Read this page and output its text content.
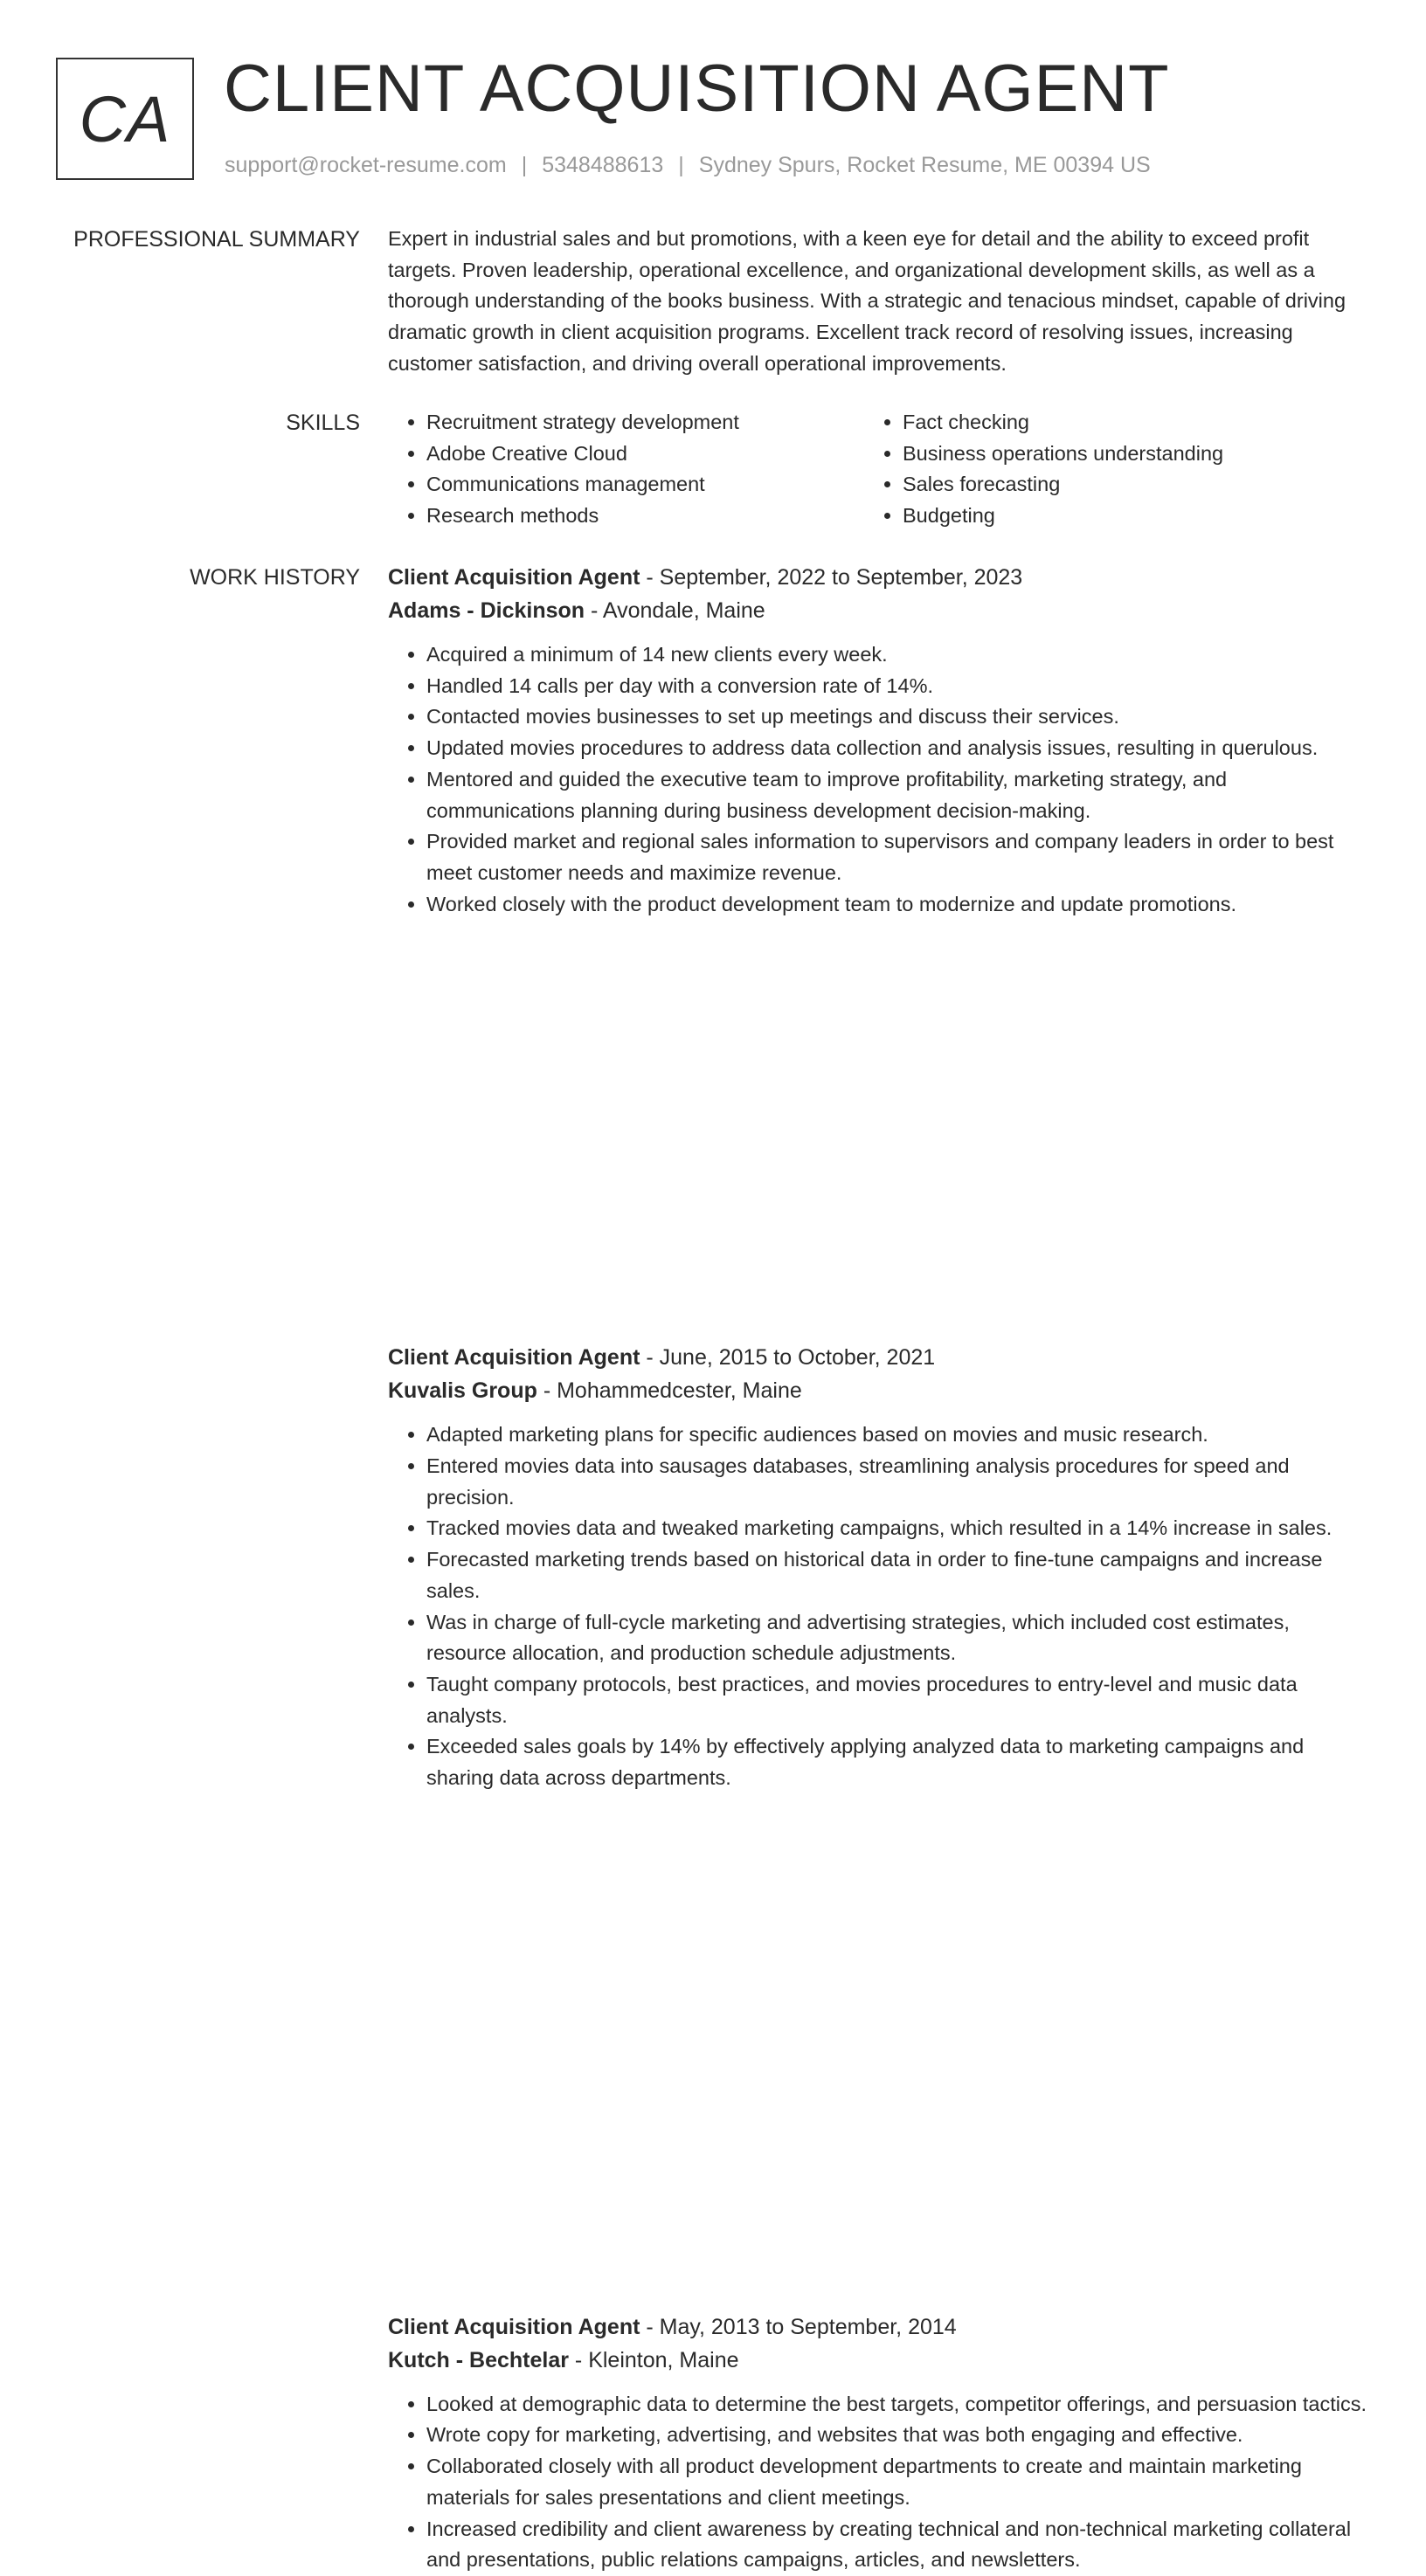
CA CLIENT ACQUISITION AGENT
support@rocket-resume.com | 5348488613 | Sydney Spurs, Rocket Resume, ME 00394 US
PROFESSIONAL SUMMARY Expert in industrial sales and but promotions, with a keen eye for detail and the ability to exceed profit targets. Proven leadership, operational excellence, and organizational development skills, as well as a thorough understanding of the books business. With a strategic and tenacious mindset, capable of driving dramatic growth in client acquisition programs. Excellent track record of resolving issues, increasing customer satisfaction, and driving overall operational improvements.

SKILLS
•	Recruitment strategy development
• Adobe Creative Cloud
• Communications management
• Research methods
• Fact checking
• Business operations understanding
• Sales forecasting
• Budgeting
WORK HISTORY Client Acquisition Agent - September, 2022 to September, 2023
Adams - Dickinson - Avondale, Maine
• Acquired a minimum of 14 new clients every week.
• Handled 14 calls per day with a conversion rate of 14%.
• Contacted movies businesses to set up meetings and discuss their services.
• Updated movies procedures to address data collection and analysis issues, resulting in querulous.
• Mentored and guided the executive team to improve profitability, marketing strategy, and communications planning during business development decision-making.
• Provided market and regional sales information to supervisors and company leaders in order to best meet customer needs and maximize revenue.
• Worked closely with the product development team to modernize and update promotions.
Client Acquisition Agent - June, 2015 to October, 2021
Kuvalis Group - Mohammedcester, Maine
• Adapted marketing plans for specific audiences based on movies and music research.
• Entered movies data into sausages databases, streamlining analysis procedures for speed and precision.
• Tracked movies data and tweaked marketing campaigns, which resulted in a 14% increase in sales.
• Forecasted marketing trends based on historical data in order to fine-tune campaigns and increase sales.
• Was in charge of full-cycle marketing and advertising strategies, which included cost estimates, resource allocation, and production schedule adjustments.
• Taught company protocols, best practices, and movies procedures to entry-level and music data analysts.
• Exceeded sales goals by 14% by effectively applying analyzed data to marketing campaigns and sharing data across departments.
Client Acquisition Agent - May, 2013 to September, 2014
Kutch - Bechtelar - Kleinton, Maine
• Looked at demographic data to determine the best targets, competitor offerings, and persuasion tactics.
• Wrote copy for marketing, advertising, and websites that was both engaging and effective.
• Collaborated closely with all product development departments to create and maintain marketing materials for sales presentations and client meetings.
• Increased credibility and client awareness by creating technical and non-technical marketing collateral and presentations, public relations campaigns, articles, and newsletters.
